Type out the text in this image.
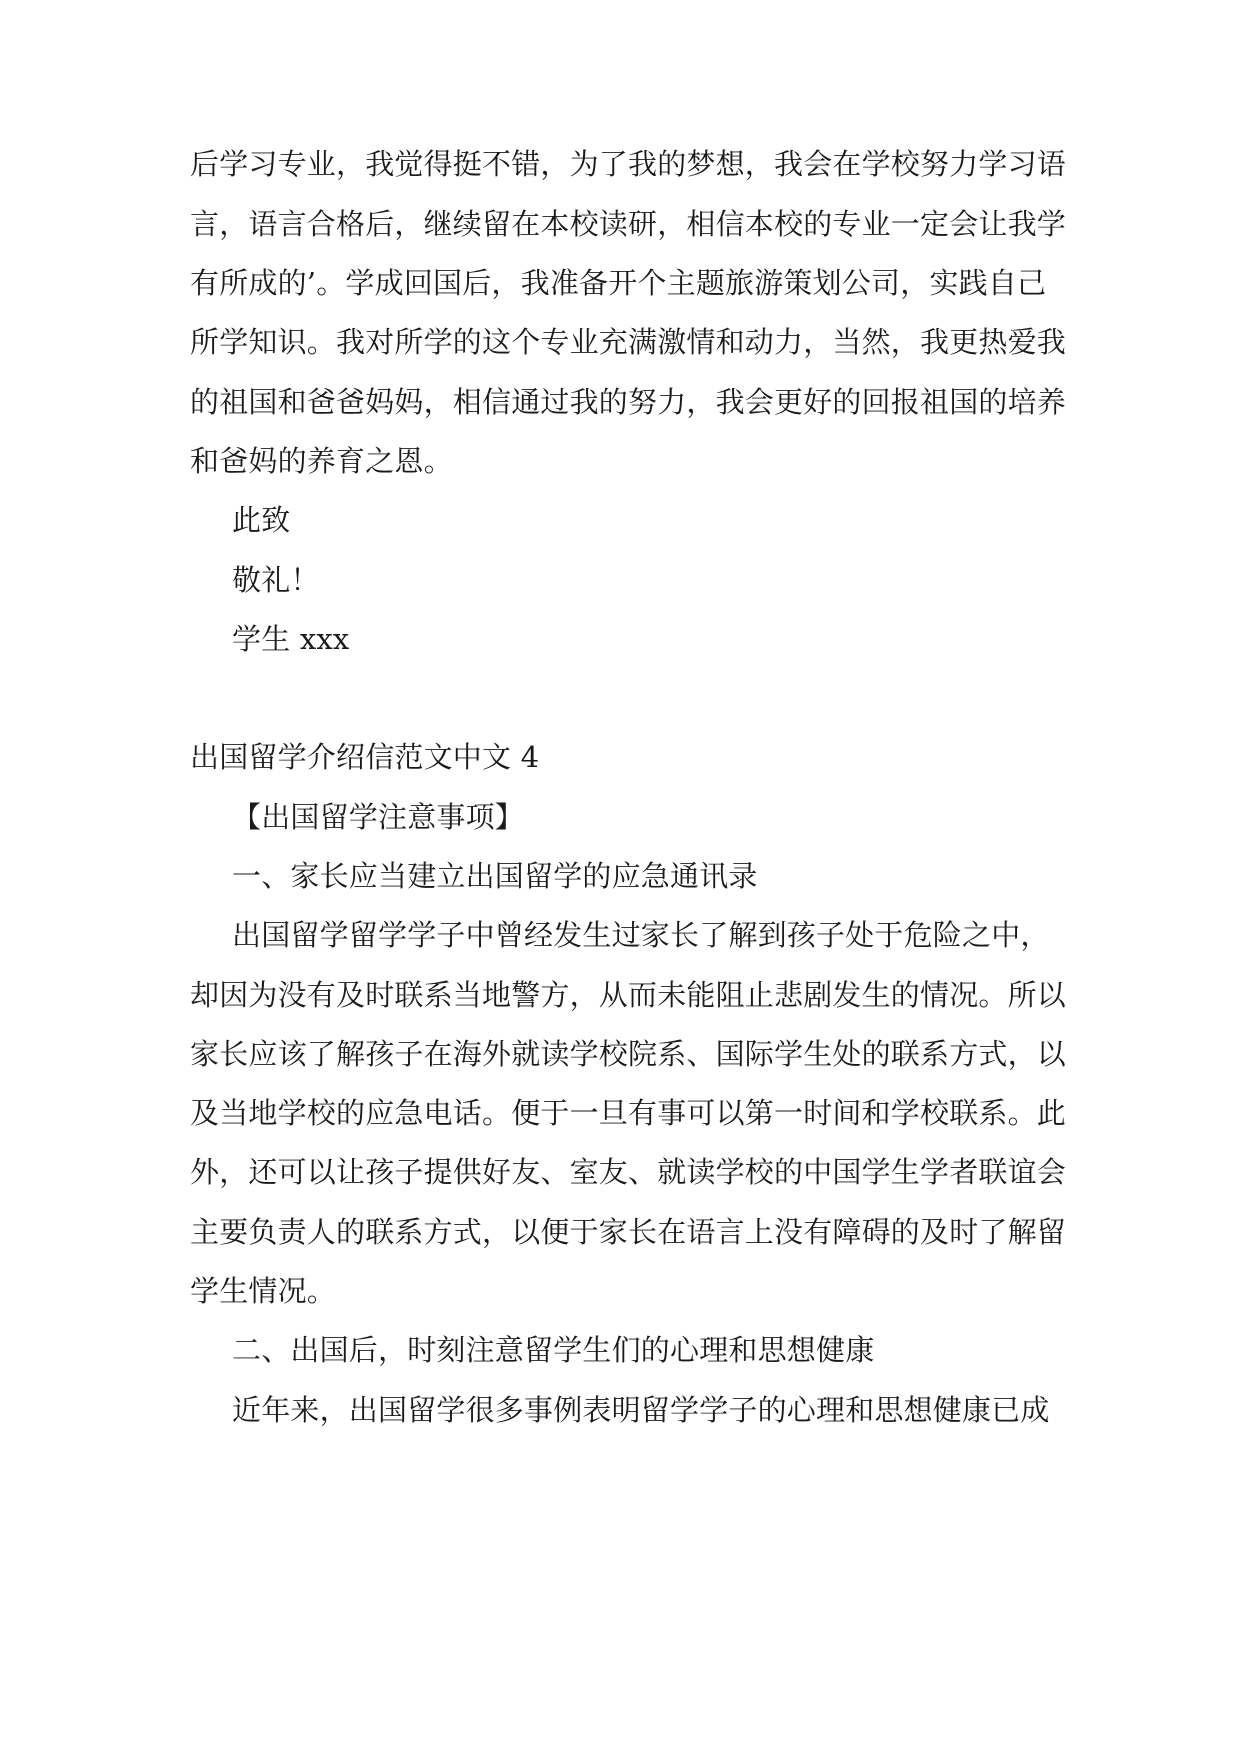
后学习专业，我觉得挺不错，为了我的梦想，我会在学校努力学习语
言，语言合格后，继续留在本校读研，相信本校的专业一定会让我学
有所成的’。学成回国后，我准备开个主题旅游策划公司，实践自己
所学知识。我对所学的这个专业充满激情和动力，当然，我更热爱我
的祖国和爸爸妈妈，相信通过我的努力，我会更好的回报祖国的培养
和爸妈的养育之恩。
此致
敬礼！
学生 xxx
出国留学介绍信范文中文 4
【出国留学注意事项】
一、家长应当建立出国留学的应急通讯录
出国留学留学学子中曾经发生过家长了解到孩子处于危险之中，
却因为没有及时联系当地警方，从而未能阻止悲剧发生的情况。所以
家长应该了解孩子在海外就读学校院系、国际学生处的联系方式，以
及当地学校的应急电话。便于一旦有事可以第一时间和学校联系。此
外，还可以让孩子提供好友、室友、就读学校的中国学生学者联谊会
主要负责人的联系方式，以便于家长在语言上没有障碍的及时了解留
学生情况。
二、出国后，时刻注意留学生们的心理和思想健康
近年来，出国留学很多事例表明留学学子的心理和思想健康已成
